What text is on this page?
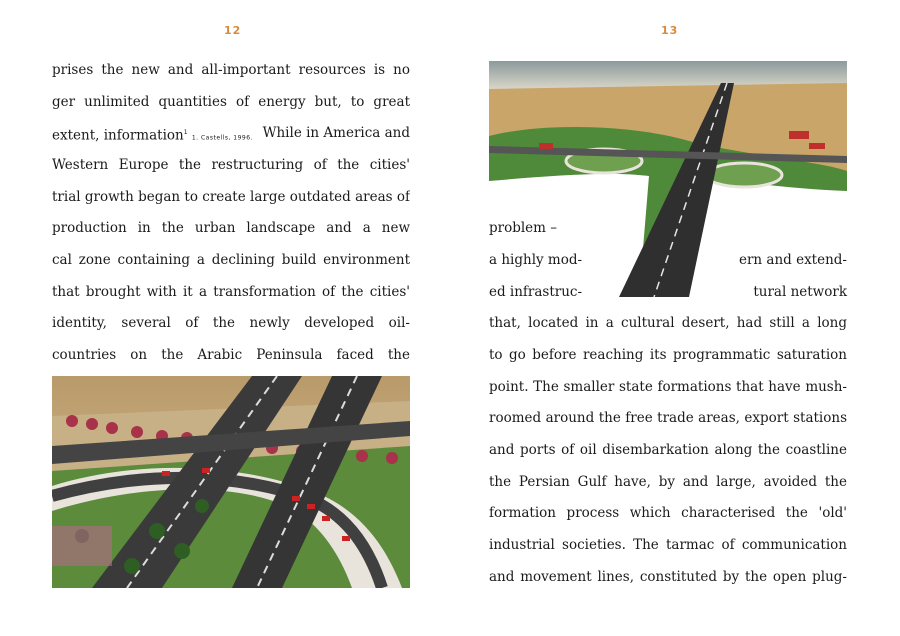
12
prises the new and all-important resources is no
ger unlimited quantities of energy but, to great
extent, information$^1$ 1. Castells, 1996. While in America and
Western Europe the restructuring of the cities'
trial growth began to create large outdated areas of
production in the urban landscape and a new
cal zone containing a declining build environment
that brought with it a transformation of the cities'
identity, several of the newly developed oil-
countries on the Arabic Peninsula faced the
13
problem –
a highly mod-	ern and extend-
ed infrastruc-	tural network
that, located in a cultural desert, had still a long
to go before reaching its programmatic saturation
point. The smaller state formations that have mush-
roomed around the free trade areas, export stations
and ports of oil disembarkation along the coastline
the Persian Gulf have, by and large, avoided the
formation process which characterised the 'old'
industrial societies. The tarmac of communication
and movement lines, constituted by the open plug-
